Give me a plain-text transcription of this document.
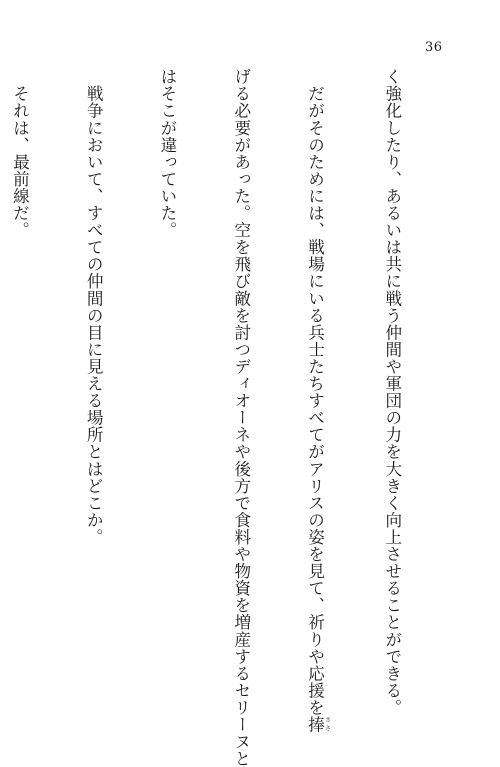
36

く強化したり、あるいは共に戦う仲間や軍団の力を大きく向上させることができる。

　だがそのためには、戦場にいる兵士たちすべてがアリスの姿を見て、祈りや応援を捧 ささ

げる必要があった。空を飛び敵を討つディオーネや後方で食料や物資を増産するセリーヌと

はそこが違っていた。

　戦争において、すべての仲間の目に見える場所とはどこか。

　それは、最前線だ。
